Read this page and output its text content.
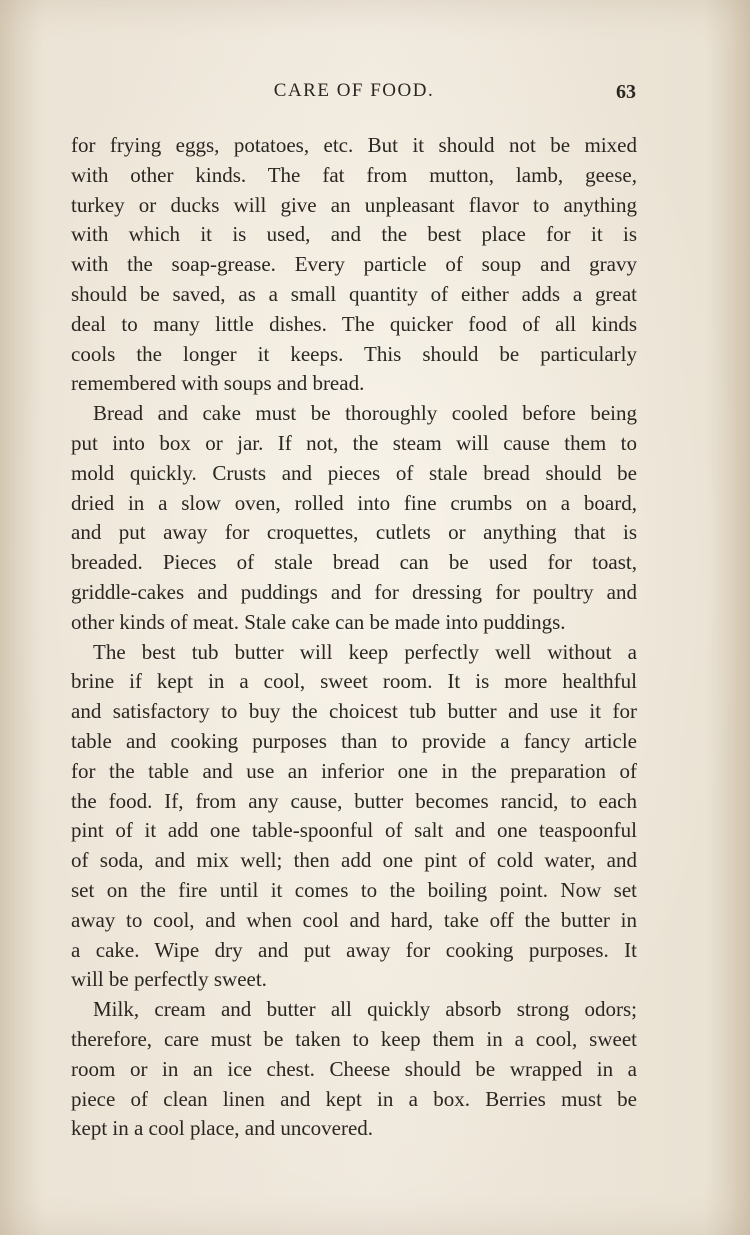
CARE OF FOOD.	63
for frying eggs, potatoes, etc. But it should not be mixed
with other kinds. The fat from mutton, lamb, geese,
turkey or ducks will give an unpleasant flavor to anything
with which it is used, and the best place for it is
with the soap-grease. Every particle of soup and gravy
should be saved, as a small quantity of either adds a great
deal to many little dishes. The quicker food of all kinds
cools the longer it keeps. This should be particularly
remembered with soups and bread.
Bread and cake must be thoroughly cooled before being
put into box or jar. If not, the steam will cause them to
mold quickly. Crusts and pieces of stale bread should be
dried in a slow oven, rolled into fine crumbs on a board,
and put away for croquettes, cutlets or anything that is
breaded. Pieces of stale bread can be used for toast,
griddle-cakes and puddings and for dressing for poultry and
other kinds of meat. Stale cake can be made into puddings.
The best tub butter will keep perfectly well without a
brine if kept in a cool, sweet room. It is more healthful
and satisfactory to buy the choicest tub butter and use it for
table and cooking purposes than to provide a fancy article
for the table and use an inferior one in the preparation of
the food. If, from any cause, butter becomes rancid, to each
pint of it add one table-spoonful of salt and one teaspoonful
of soda, and mix well; then add one pint of cold water, and
set on the fire until it comes to the boiling point. Now set
away to cool, and when cool and hard, take off the butter in
a cake. Wipe dry and put away for cooking purposes. It
will be perfectly sweet.
Milk, cream and butter all quickly absorb strong odors;
therefore, care must be taken to keep them in a cool, sweet
room or in an ice chest. Cheese should be wrapped in a
piece of clean linen and kept in a box. Berries must be
kept in a cool place, and uncovered.
